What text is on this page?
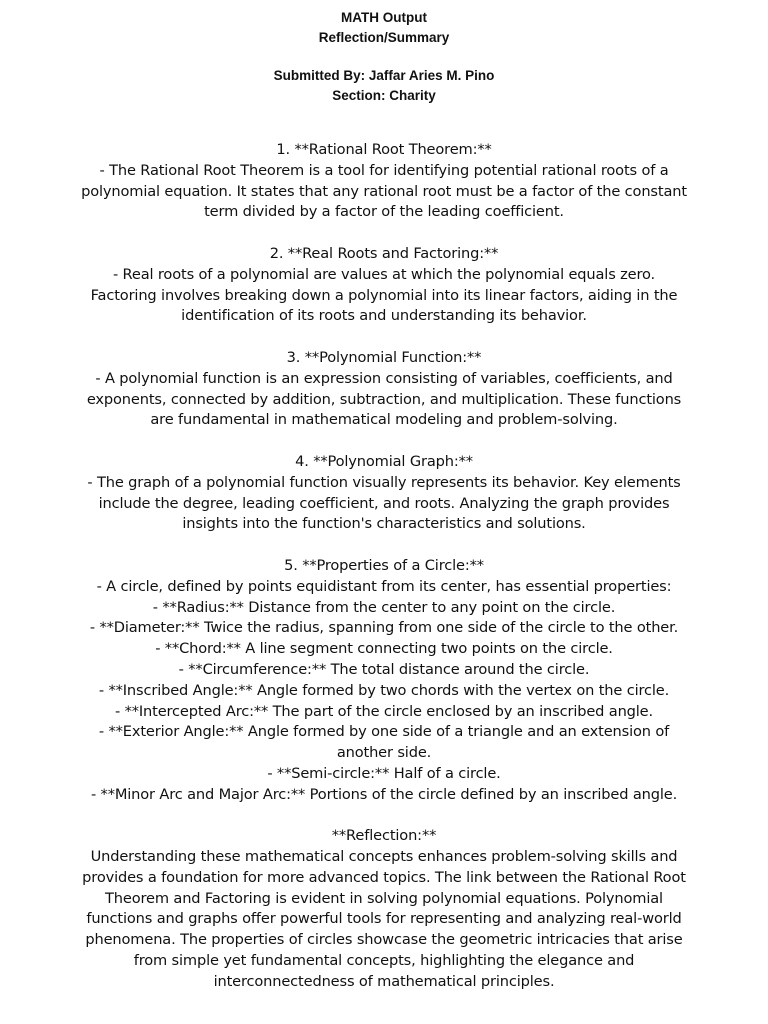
MATH Output
Reflection/Summary
Submitted By: Jaffar Aries M. Pino
Section: Charity
1. **Rational Root Theorem:**
- The Rational Root Theorem is a tool for identifying potential rational roots of a
polynomial equation. It states that any rational root must be a factor of the constant
term divided by a factor of the leading coefficient.
2. **Real Roots and Factoring:**
- Real roots of a polynomial are values at which the polynomial equals zero.
Factoring involves breaking down a polynomial into its linear factors, aiding in the
identification of its roots and understanding its behavior.
3. **Polynomial Function:**
- A polynomial function is an expression consisting of variables, coefficients, and
exponents, connected by addition, subtraction, and multiplication. These functions
are fundamental in mathematical modeling and problem-solving.
4. **Polynomial Graph:**
- The graph of a polynomial function visually represents its behavior. Key elements
include the degree, leading coefficient, and roots. Analyzing the graph provides
insights into the function's characteristics and solutions.
5. **Properties of a Circle:**
- A circle, defined by points equidistant from its center, has essential properties:
- **Radius:** Distance from the center to any point on the circle.
- **Diameter:** Twice the radius, spanning from one side of the circle to the other.
- **Chord:** A line segment connecting two points on the circle.
- **Circumference:** The total distance around the circle.
- **Inscribed Angle:** Angle formed by two chords with the vertex on the circle.
- **Intercepted Arc:** The part of the circle enclosed by an inscribed angle.
- **Exterior Angle:** Angle formed by one side of a triangle and an extension of
another side.
- **Semi-circle:** Half of a circle.
- **Minor Arc and Major Arc:** Portions of the circle defined by an inscribed angle.
**Reflection:**
Understanding these mathematical concepts enhances problem-solving skills and
provides a foundation for more advanced topics. The link between the Rational Root
Theorem and Factoring is evident in solving polynomial equations. Polynomial
functions and graphs offer powerful tools for representing and analyzing real-world
phenomena. The properties of circles showcase the geometric intricacies that arise
from simple yet fundamental concepts, highlighting the elegance and
interconnectedness of mathematical principles.
